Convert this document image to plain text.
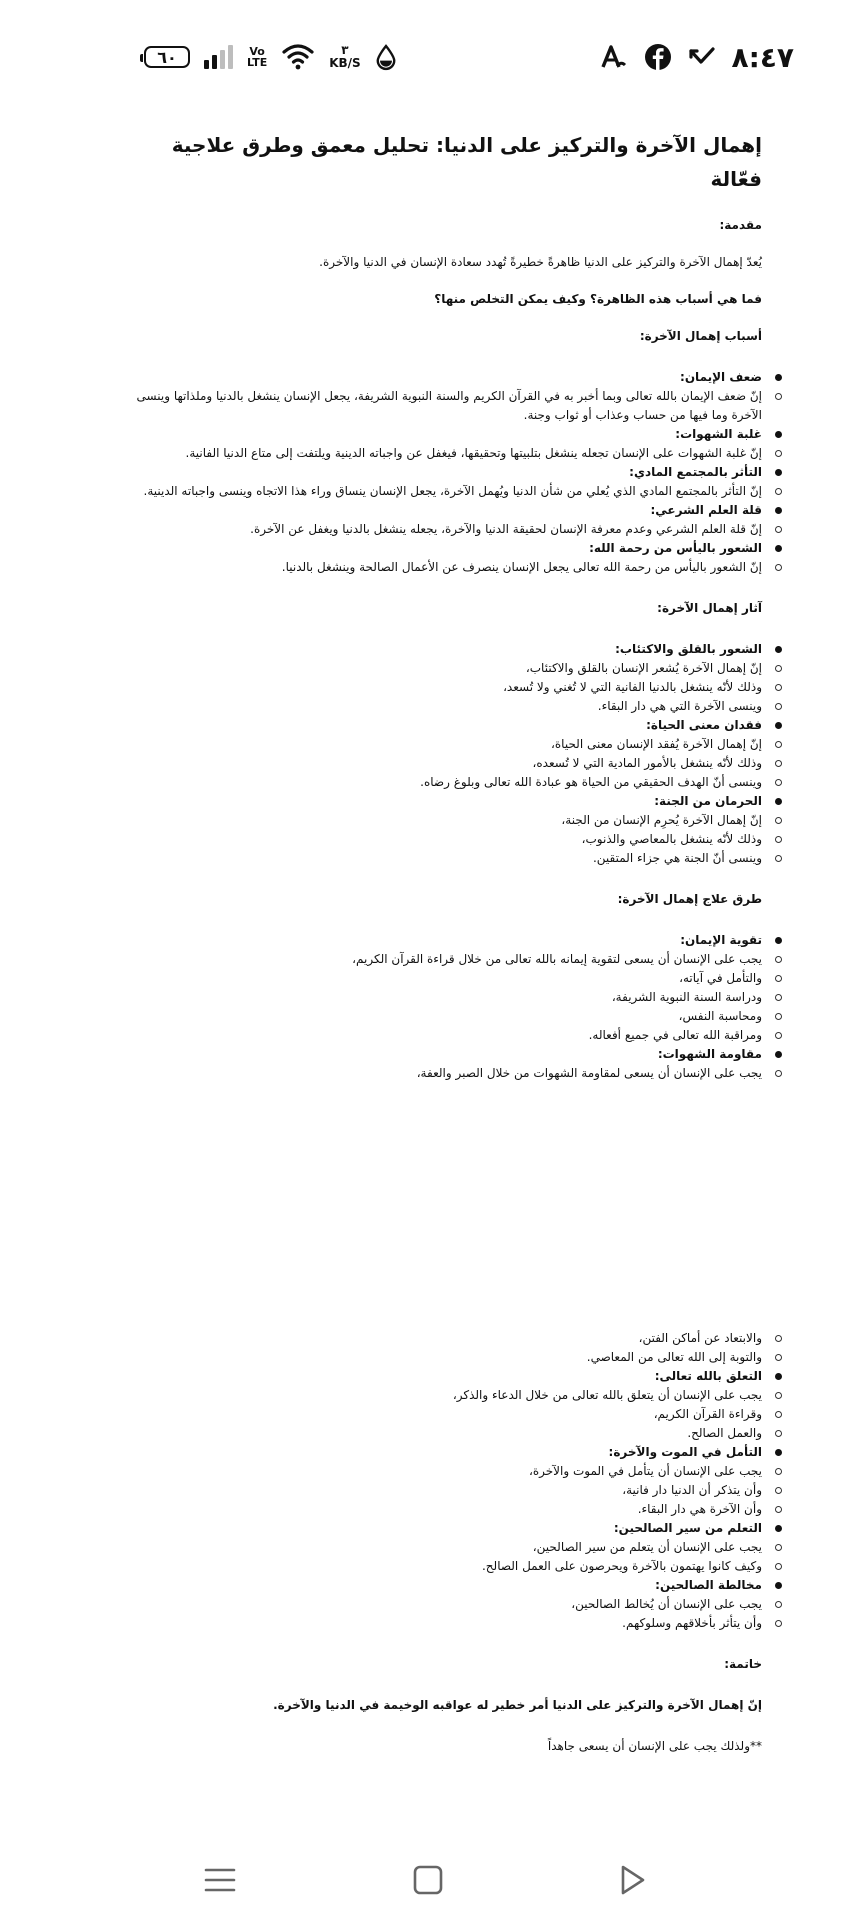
٦٠	Vo
LTE
٣
KB/S	٨:٤٧
إهمال الآخرة والتركيز على الدنيا: تحليل معمق وطرق علاجية فعّالة

مقدمة:

يُعدّ إهمال الآخرة والتركيز على الدنيا ظاهرةً خطيرةً تُهدد سعادة الإنسان في الدنيا والآخرة.

فما هي أسباب هذه الظاهرة؟ وكيف يمكن التخلص منها؟

أسباب إهمال الآخرة:

ضعف الإيمان:
إنّ ضعف الإيمان بالله تعالى وبما أخبر به في القرآن الكريم والسنة النبوية الشريفة، يجعل الإنسان ينشغل بالدنيا وملذاتها وينسى الآخرة وما فيها من حساب وعذاب أو ثواب وجنة.
غلبة الشهوات:
إنّ غلبة الشهوات على الإنسان تجعله ينشغل بتلبيتها وتحقيقها، فيغفل عن واجباته الدينية ويلتفت إلى متاع الدنيا الفانية.
التأثر بالمجتمع المادي:
إنّ التأثر بالمجتمع المادي الذي يُعلي من شأن الدنيا ويُهمل الآخرة، يجعل الإنسان ينساق وراء هذا الاتجاه وينسى واجباته الدينية.
قلة العلم الشرعي:
إنّ قلة العلم الشرعي وعدم معرفة الإنسان لحقيقة الدنيا والآخرة، يجعله ينشغل بالدنيا ويغفل عن الآخرة.
الشعور باليأس من رحمة الله:
إنّ الشعور باليأس من رحمة الله تعالى يجعل الإنسان ينصرف عن الأعمال الصالحة وينشغل بالدنيا.

آثار إهمال الآخرة:

الشعور بالقلق والاكتئاب:
إنّ إهمال الآخرة يُشعر الإنسان بالقلق والاكتئاب،
وذلك لأنّه ينشغل بالدنيا الفانية التي لا تُغني ولا تُسعد،
وينسى الآخرة التي هي دار البقاء.
فقدان معنى الحياة:
إنّ إهمال الآخرة يُفقد الإنسان معنى الحياة،
وذلك لأنّه ينشغل بالأمور المادية التي لا تُسعده،
وينسى أنّ الهدف الحقيقي من الحياة هو عبادة الله تعالى وبلوغ رضاه.
الحرمان من الجنة:
إنّ إهمال الآخرة يُحرِم الإنسان من الجنة،
وذلك لأنّه ينشغل بالمعاصي والذنوب،
وينسى أنّ الجنة هي جزاء المتقين.

طرق علاج إهمال الآخرة:

تقوية الإيمان:
يجب على الإنسان أن يسعى لتقوية إيمانه بالله تعالى من خلال قراءة القرآن الكريم،
والتأمل في آياته،
ودراسة السنة النبوية الشريفة،
ومحاسبة النفس،
ومراقبة الله تعالى في جميع أفعاله.
مقاومة الشهوات:
يجب على الإنسان أن يسعى لمقاومة الشهوات من خلال الصبر والعفة،
والابتعاد عن أماكن الفتن،
والتوبة إلى الله تعالى من المعاصي.
التعلق بالله تعالى:
يجب على الإنسان أن يتعلق بالله تعالى من خلال الدعاء والذكر،
وقراءة القرآن الكريم،
والعمل الصالح.
التأمل في الموت والآخرة:
يجب على الإنسان أن يتأمل في الموت والآخرة،
وأن يتذكر أن الدنيا دار فانية،
وأن الآخرة هي دار البقاء.
التعلم من سير الصالحين:
يجب على الإنسان أن يتعلم من سير الصالحين،
وكيف كانوا يهتمون بالآخرة ويحرصون على العمل الصالح.
مخالطة الصالحين:
يجب على الإنسان أن يُخالط الصالحين،
وأن يتأثر بأخلاقهم وسلوكهم.

خاتمة:

إنّ إهمال الآخرة والتركيز على الدنيا أمر خطير له عواقبه الوخيمة في الدنيا والآخرة.

**ولذلك يجب على الإنسان أن يسعى جاهداً
